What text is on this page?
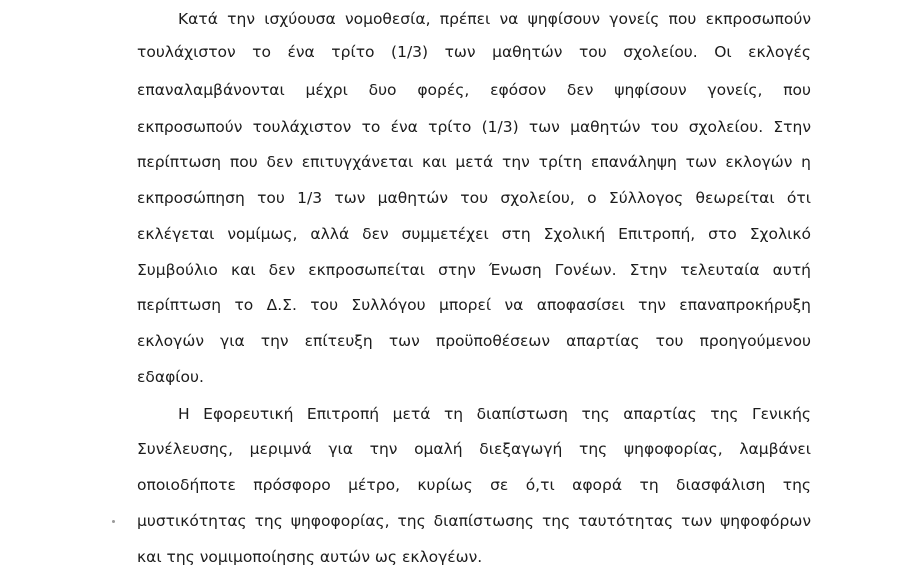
Κατά την ισχύουσα νομοθεσία, πρέπει να ψηφίσουν γονείς που εκπροσωπούν
τουλάχιστον το ένα τρίτο (1/3) των μαθητών του σχολείου. Οι εκλογές
επαναλαμβάνονται μέχρι δυο φορές, εφόσον δεν ψηφίσουν γονείς, που
εκπροσωπούν τουλάχιστον το ένα τρίτο (1/3) των μαθητών του σχολείου. Στην
περίπτωση που δεν επιτυγχάνεται και μετά την τρίτη επανάληψη των εκλογών η
εκπροσώπηση του 1/3 των μαθητών του σχολείου, ο Σύλλογος θεωρείται ότι
εκλέγεται νομίμως, αλλά δεν συμμετέχει στη Σχολική Επιτροπή, στο Σχολικό
Συμβούλιο και δεν εκπροσωπείται στην Ένωση Γονέων. Στην τελευταία αυτή
περίπτωση το Δ.Σ. του Συλλόγου μπορεί να αποφασίσει την επαναπροκήρυξη
εκλογών για την επίτευξη των προϋποθέσεων απαρτίας του προηγούμενου
εδαφίου.
Η Εφορευτική Επιτροπή μετά τη διαπίστωση της απαρτίας της Γενικής
Συνέλευσης, μεριμνά για την ομαλή διεξαγωγή της ψηφοφορίας, λαμβάνει
οποιοδήποτε πρόσφορο μέτρο, κυρίως σε ό,τι αφορά τη διασφάλιση της
μυστικότητας της ψηφοφορίας, της διαπίστωσης της ταυτότητας των ψηφοφόρων
και της νομιμοποίησης αυτών ως εκλογέων.
